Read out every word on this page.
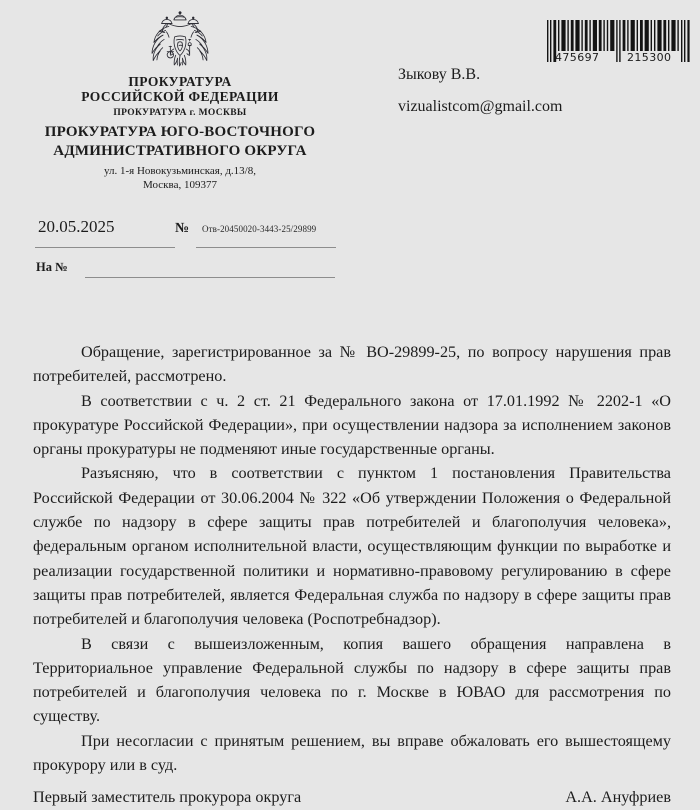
ПРОКУРАТУРА

РОССИЙСКОЙ ФЕДЕРАЦИИ

ПРОКУРАТУРА г. МОСКВЫ

ПРОКУРАТУРА ЮГО-ВОСТОЧНОГО

АДМИНИСТРАТИВНОГО ОКРУГА

ул. 1-я Новокузьминская, д.13/8,

Москва, 109377

475697	215300

Зыкову В.В.

vizualistcom@gmail.com

20.05.2025	№ Отв-20450020-3443-25/29899
На №

Обращение, зарегистрированное за № ВО-29899-25, по вопросу нарушения прав потребителей, рассмотрено.

В соответствии с ч. 2 ст. 21 Федерального закона от 17.01.1992 № 2202-1 «О прокуратуре Российской Федерации», при осуществлении надзора за исполнением законов органы прокуратуры не подменяют иные государственные органы.

Разъясняю, что в соответствии с пунктом 1 постановления Правительства Российской Федерации от 30.06.2004 № 322 «Об утверждении Положения о Федеральной службе по надзору в сфере защиты прав потребителей и благополучия человека», федеральным органом исполнительной власти, осуществляющим функции по выработке и реализации государственной политики и нормативно-правовому регулированию в сфере защиты прав потребителей, является Федеральная служба по надзору в сфере защиты прав потребителей и благополучия человека (Роспотребнадзор).

В связи с вышеизложенным, копия вашего обращения направлена в Территориальное управление Федеральной службы по надзору в сфере защиты прав потребителей и благополучия человека по г. Москве в ЮВАО для рассмотрения по существу.

При несогласии с принятым решением, вы вправе обжаловать его вышестоящему прокурору или в суд.

Первый заместитель прокурора округа	А.А. Ануфриев
